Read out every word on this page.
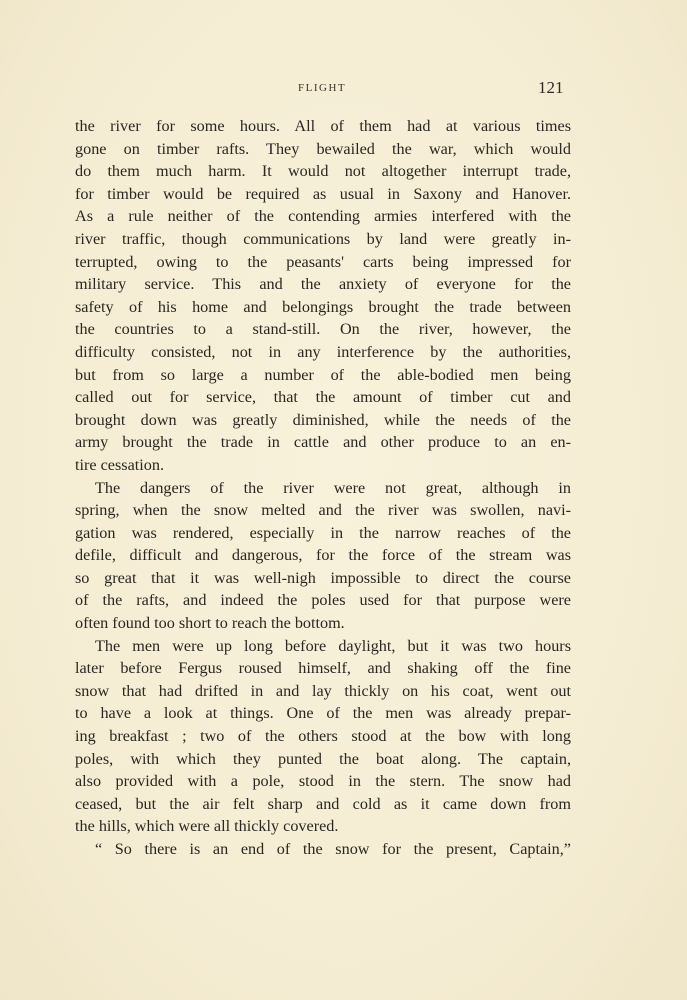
FLIGHT	121
the river for some hours. All of them had at various times
gone on timber rafts. They bewailed the war, which would
do them much harm. It would not altogether interrupt trade,
for timber would be required as usual in Saxony and Hanover.
As a rule neither of the contending armies interfered with the
river traffic, though communications by land were greatly in-
terrupted, owing to the peasants' carts being impressed for
military service. This and the anxiety of everyone for the
safety of his home and belongings brought the trade between
the countries to a stand-still. On the river, however, the
difficulty consisted, not in any interference by the authorities,
but from so large a number of the able-bodied men being
called out for service, that the amount of timber cut and
brought down was greatly diminished, while the needs of the
army brought the trade in cattle and other produce to an en-
tire cessation.
The dangers of the river were not great, although in
spring, when the snow melted and the river was swollen, navi-
gation was rendered, especially in the narrow reaches of the
defile, difficult and dangerous, for the force of the stream was
so great that it was well-nigh impossible to direct the course
of the rafts, and indeed the poles used for that purpose were
often found too short to reach the bottom.
The men were up long before daylight, but it was two hours
later before Fergus roused himself, and shaking off the fine
snow that had drifted in and lay thickly on his coat, went out
to have a look at things. One of the men was already prepar-
ing breakfast ; two of the others stood at the bow with long
poles, with which they punted the boat along. The captain,
also provided with a pole, stood in the stern. The snow had
ceased, but the air felt sharp and cold as it came down from
the hills, which were all thickly covered.
“ So there is an end of the snow for the present, Captain,”
